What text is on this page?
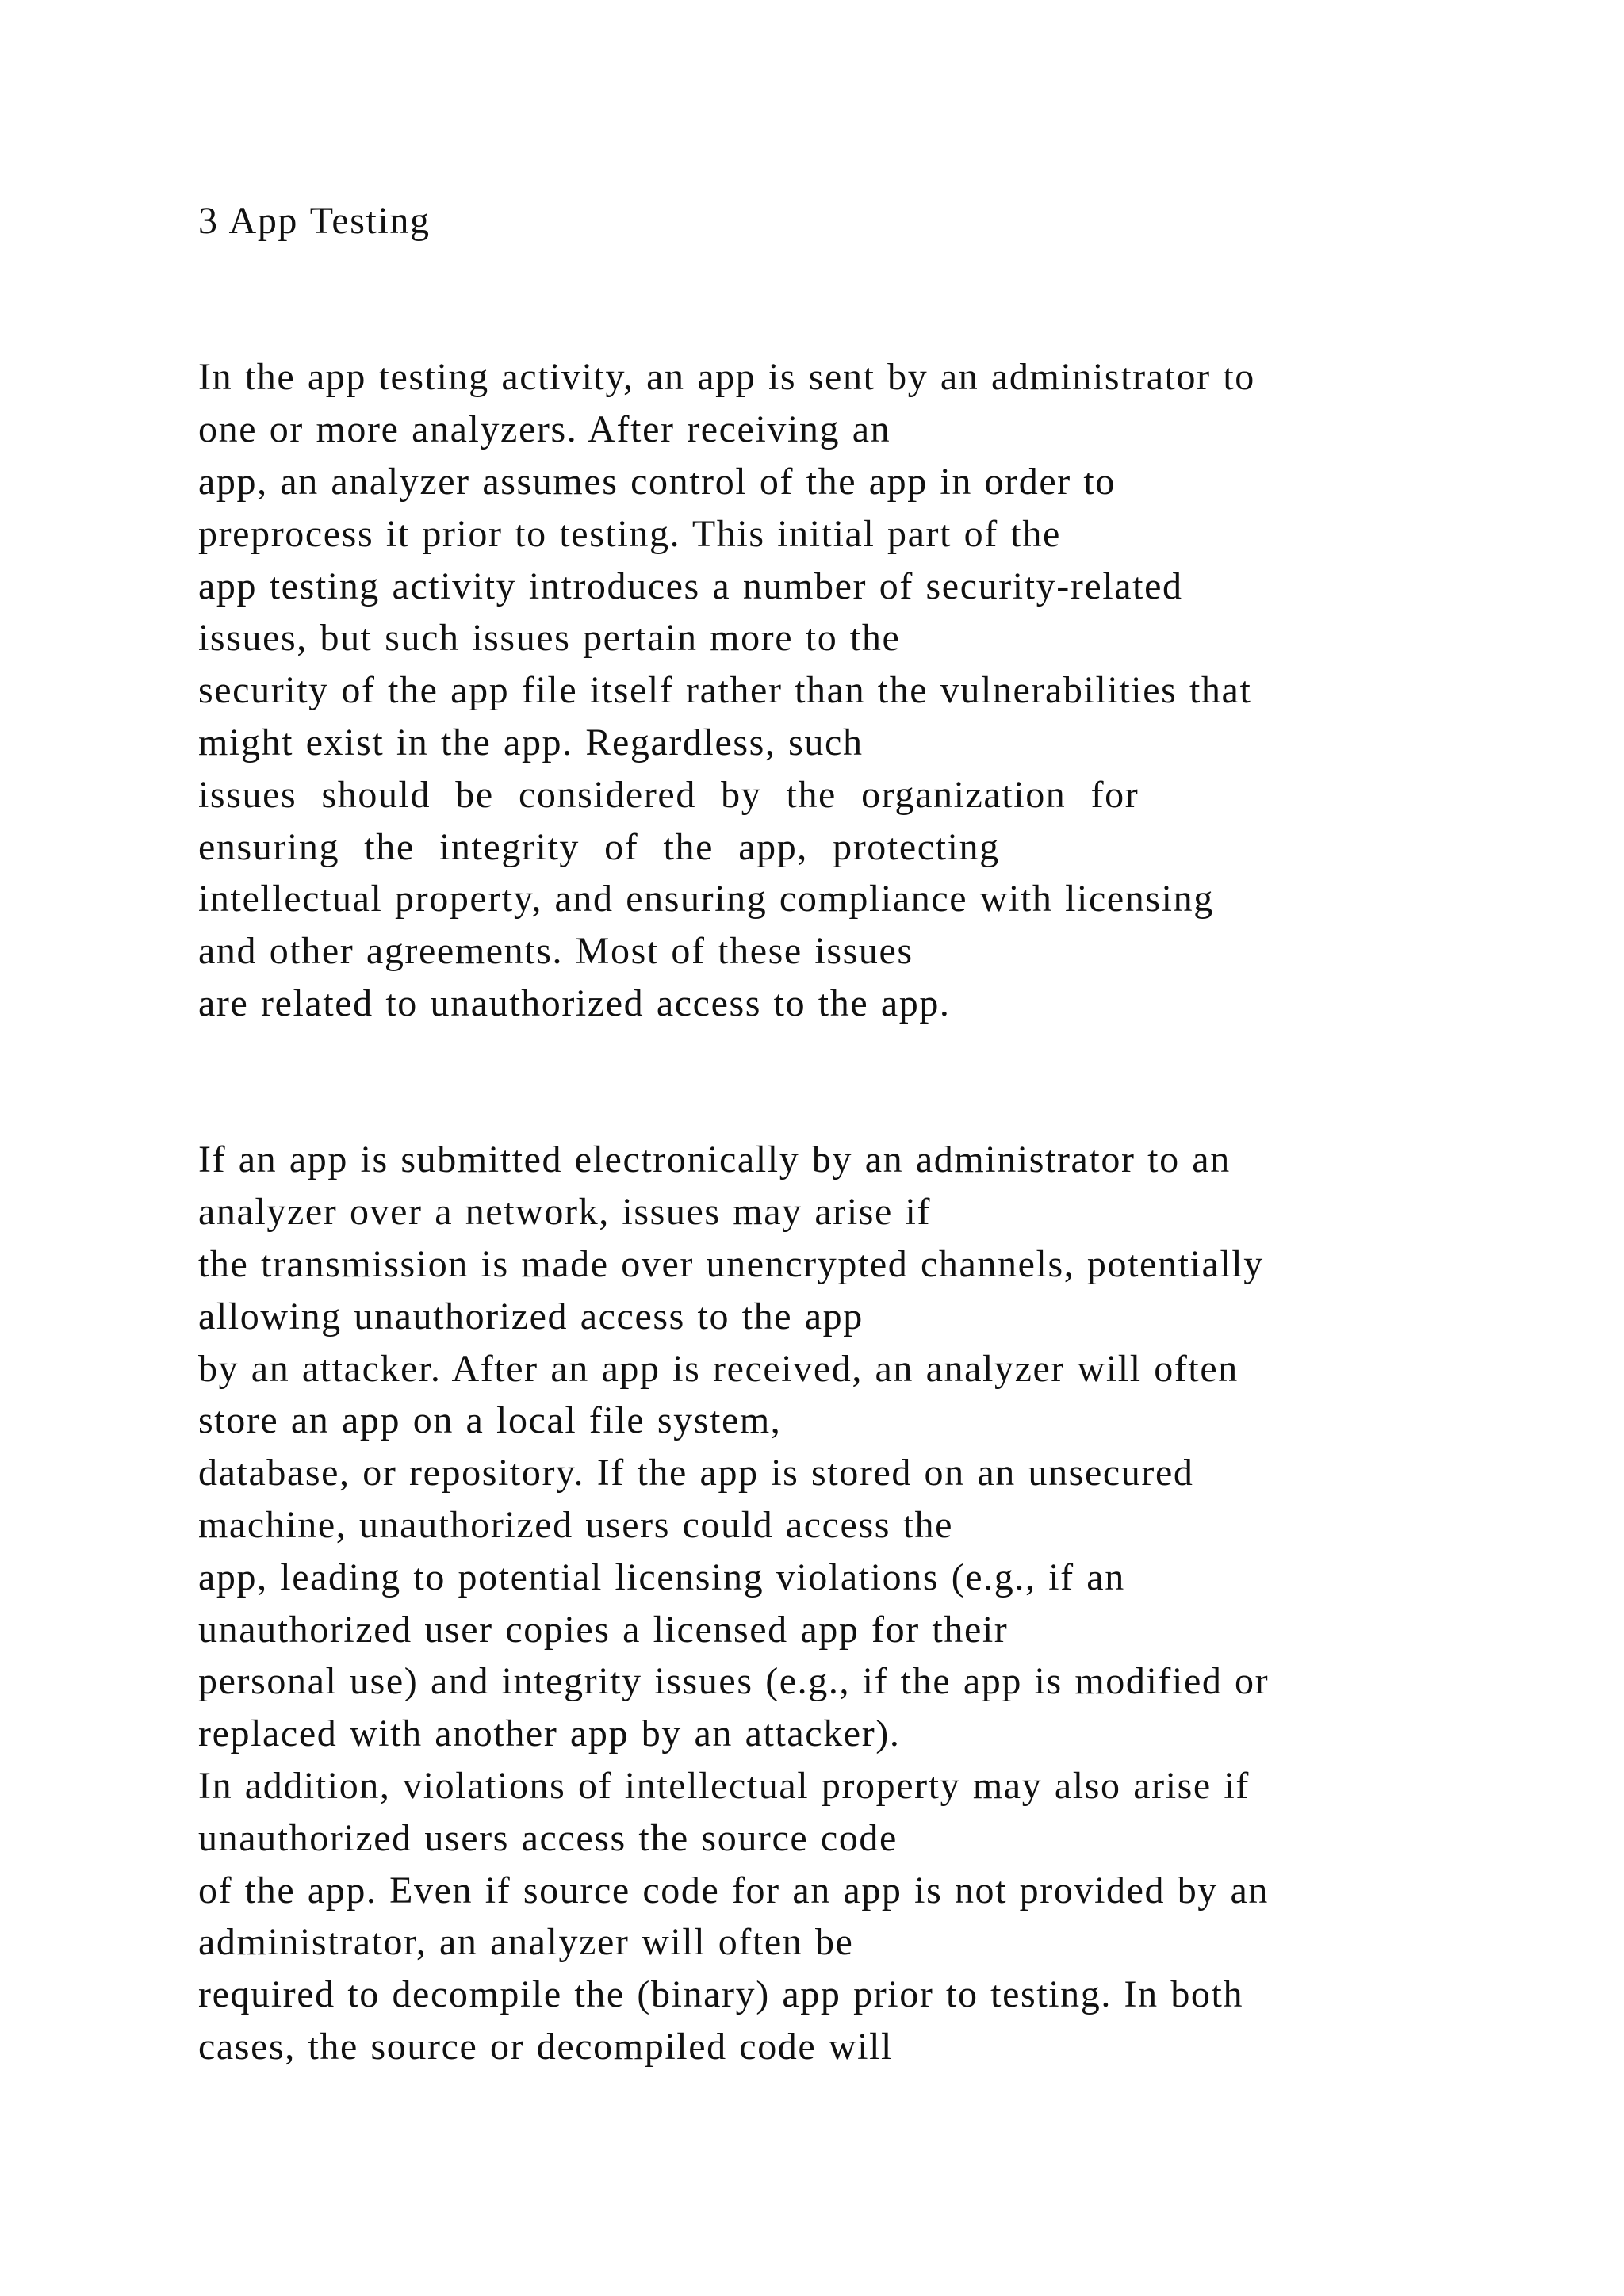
3 App Testing
In the app testing activity, an app is sent by an administrator to
one or more analyzers. After receiving an
app, an analyzer assumes control of the app in order to
preprocess it prior to testing. This initial part of the
app testing activity introduces a number of security-related
issues, but such issues pertain more to the
security of the app file itself rather than the vulnerabilities that
might exist in the app. Regardless, such
issues  should  be  considered  by  the  organization  for
ensuring  the  integrity  of  the  app,  protecting
intellectual property, and ensuring compliance with licensing
and other agreements. Most of these issues
are related to unauthorized access to the app.
If an app is submitted electronically by an administrator to an
analyzer over a network, issues may arise if
the transmission is made over unencrypted channels, potentially
allowing unauthorized access to the app
by an attacker. After an app is received, an analyzer will often
store an app on a local file system,
database, or repository. If the app is stored on an unsecured
machine, unauthorized users could access the
app, leading to potential licensing violations (e.g., if an
unauthorized user copies a licensed app for their
personal use) and integrity issues (e.g., if the app is modified or
replaced with another app by an attacker).
In addition, violations of intellectual property may also arise if
unauthorized users access the source code
of the app. Even if source code for an app is not provided by an
administrator, an analyzer will often be
required to decompile the (binary) app prior to testing. In both
cases, the source or decompiled code will
